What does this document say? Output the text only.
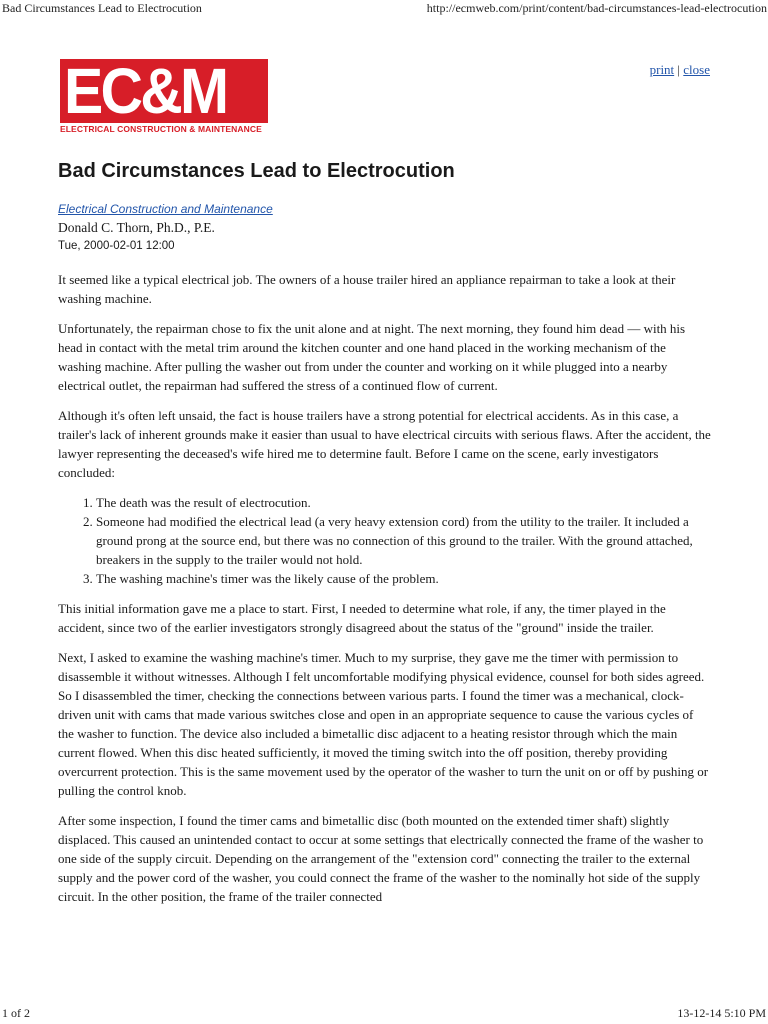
Bad Circumstances Lead to Electrocution	http://ecmweb.com/print/content/bad-circumstances-lead-electrocution
EC&M
ELECTRICAL CONSTRUCTION & MAINTENANCE
print | close
Bad Circumstances Lead to Electrocution
Electrical Construction and Maintenance
Donald C. Thorn, Ph.D., P.E.
Tue, 2000-02-01 12:00

It seemed like a typical electrical job. The owners of a house trailer hired an appliance repairman to take a look at their washing machine.

Unfortunately, the repairman chose to fix the unit alone and at night. The next morning, they found him dead — with his head in contact with the metal trim around the kitchen counter and one hand placed in the working mechanism of the washing machine. After pulling the washer out from under the counter and working on it while plugged into a nearby electrical outlet, the repairman had suffered the stress of a continued flow of current.

Although it's often left unsaid, the fact is house trailers have a strong potential for electrical accidents. As in this case, a trailer's lack of inherent grounds make it easier than usual to have electrical circuits with serious flaws. After the accident, the lawyer representing the deceased's wife hired me to determine fault. Before I came on the scene, early investigators concluded:

1. The death was the result of electrocution.
2. Someone had modified the electrical lead (a very heavy extension cord) from the utility to the trailer. It included a ground prong at the source end, but there was no connection of this ground to the trailer. With the ground attached, breakers in the supply to the trailer would not hold.
3. The washing machine's timer was the likely cause of the problem.

This initial information gave me a place to start. First, I needed to determine what role, if any, the timer played in the accident, since two of the earlier investigators strongly disagreed about the status of the "ground" inside the trailer.

Next, I asked to examine the washing machine's timer. Much to my surprise, they gave me the timer with permission to disassemble it without witnesses. Although I felt uncomfortable modifying physical evidence, counsel for both sides agreed. So I disassembled the timer, checking the connections between various parts. I found the timer was a mechanical, clock-driven unit with cams that made various switches close and open in an appropriate sequence to cause the various cycles of the washer to function. The device also included a bimetallic disc adjacent to a heating resistor through which the main current flowed. When this disc heated sufficiently, it moved the timing switch into the off position, thereby providing overcurrent protection. This is the same movement used by the operator of the washer to turn the unit on or off by pushing or pulling the control knob.

After some inspection, I found the timer cams and bimetallic disc (both mounted on the extended timer shaft) slightly displaced. This caused an unintended contact to occur at some settings that electrically connected the frame of the washer to one side of the supply circuit. Depending on the arrangement of the "extension cord" connecting the trailer to the external supply and the power cord of the washer, you could connect the frame of the washer to the nominally hot side of the supply circuit. In the other position, the frame of the trailer connected

1 of 2	13-12-14 5:10 PM
